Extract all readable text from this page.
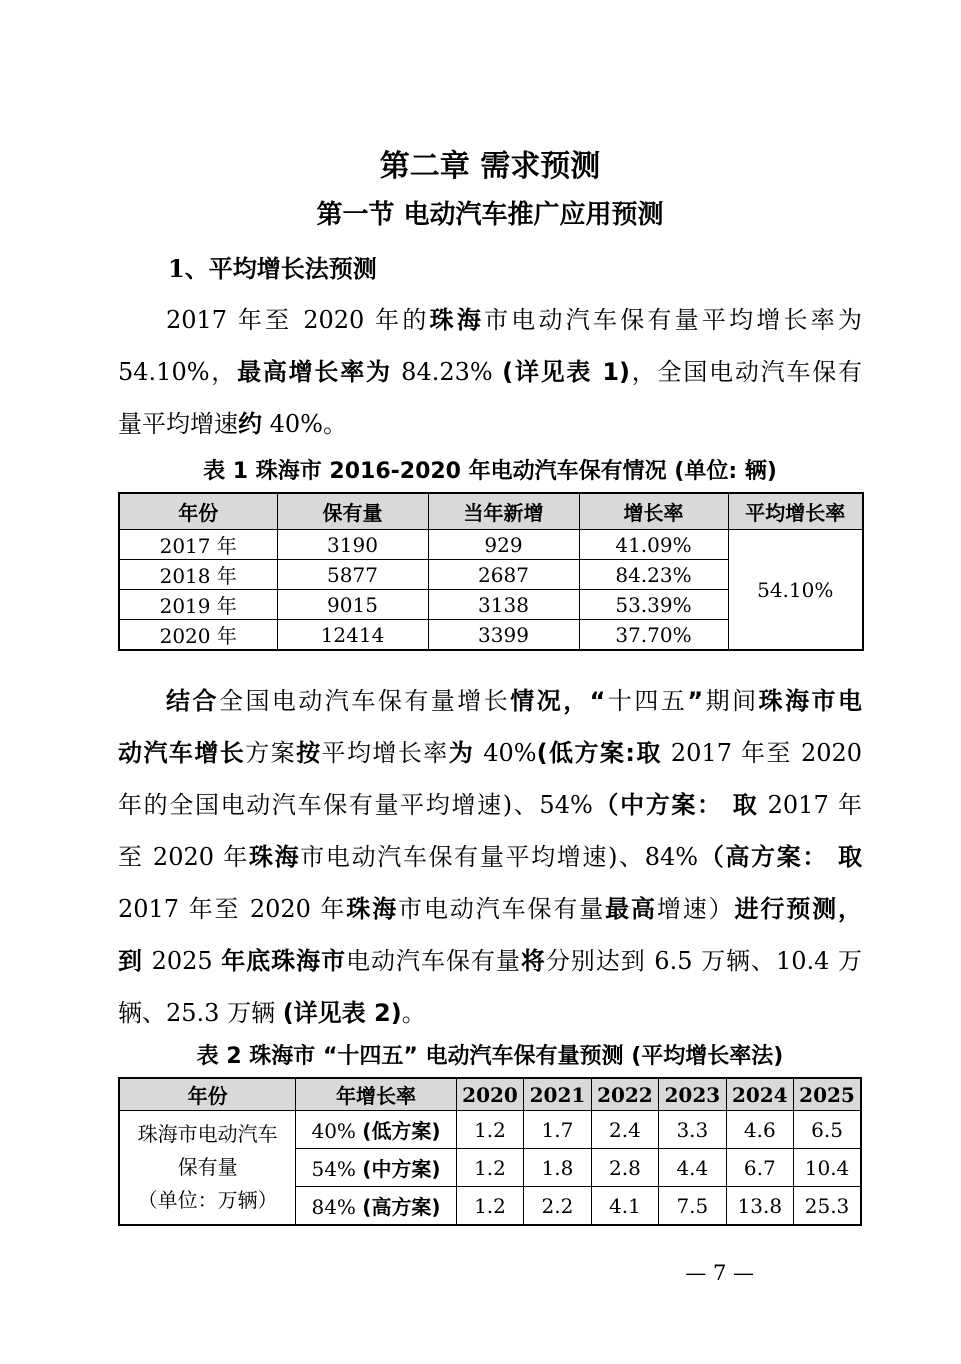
第二章 需求预测
第一节 电动汽车推广应用预测
1、平均增长法预测
2017 年至 2020 年的珠海市电动汽车保有量平均增长率为
54.10%，最高增长率为 84.23% (详见表 1)，全国电动汽车保有
量平均增速约 40%。
表 1 珠海市 2016-2020 年电动汽车保有情况 (单位: 辆)
年份	保有量	当年新增	增长率	平均增长率
2017 年	3190	929	41.09%	54.10%
2018 年	5877	2687	84.23%	
2019 年	9015	3138	53.39%	
2020 年	12414	3399	37.70%	
结合全国电动汽车保有量增长情况，“十四五”期间珠海市电
动汽车增长方案按平均增长率为 40%(低方案:取 2017 年至 2020
年的全国电动汽车保有量平均增速)、54%（中方案： 取 2017 年
至 2020 年珠海市电动汽车保有量平均增速)、84%（高方案： 取
2017 年至 2020 年珠海市电动汽车保有量最高增速）进行预测，
到 2025 年底珠海市电动汽车保有量将分别达到 6.5 万辆、10.4 万
辆、25.3 万辆 (详见表 2)。
表 2 珠海市 “十四五” 电动汽车保有量预测 (平均增长率法)
年份	年增长率	2020	2021	2022	2023	2024	2025

珠海市电动汽车
保有量
（单位：万辆）	40% (低方案)	1.2	1.7	2.4	3.3	4.6	6.5
	54% (中方案)	1.2	1.8	2.8	4.4	6.7	10.4
	84% (高方案)	1.2	2.2	4.1	7.5	13.8	25.3
— 7 —
